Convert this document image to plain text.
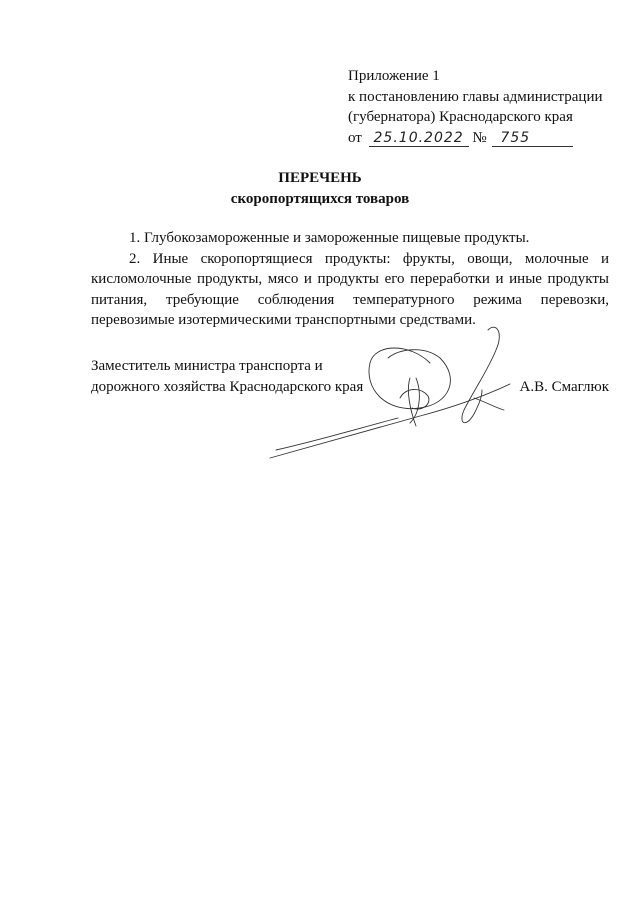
Приложение 1
к постановлению главы администрации
(губернатора) Краснодарского края
от 25.10.2022 № 755
ПЕРЕЧЕНЬ
скоропортящихся товаров

1. Глубокозамороженные и замороженные пищевые продукты.

2. Иные скоропортящиеся продукты: фрукты, овощи, молочные и кисломолочные продукты, мясо и продукты его переработки и иные продукты питания, требующие соблюдения температурного режима перевозки, перевозимые изотермическими транспортными средствами.

Заместитель министра транспорта и
дорожного хозяйства Краснодарского края	А.В. Смаглюк
